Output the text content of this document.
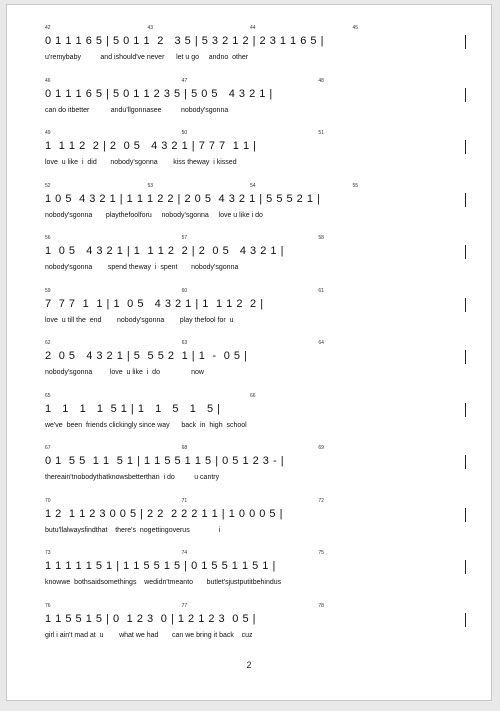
42	43	44	45
0 1 1 1 6 5 | 5 0 1 1  2   3 5 | 5 3 2 1 2 | 2 3 1 1 6 5 |
u'remybaby          and ishould've never      let u go     andno  other
46	47	48
0 1 1 1 6 5 | 5 0 1 1 2 3 5 | 5 0 5   4 3 2 1 |
can do itbetter           andu'llgonnasee          nobody'sgonna
49	50	51
1  1 1 2  2 | 2  0 5   4 3 2 1 | 7 7 7  1 1 |
love  u like  i  did       nobody'sgonna        kiss theway  i kissed
52	53	54	55
1 0 5  4 3 2 1 | 1 1 1 2 2 | 2 0 5  4 3 2 1 | 5 5 5 2 1 |
nobody'sgonna       playthefoolforu     nobody'sgonna     love u like i do
56	57	58
1  0 5   4 3 2 1 | 1  1 1 2  2 | 2  0 5   4 3 2 1 |
nobody'sgonna        spend theway  i  spent       nobody'sgonna
59	60	61
7  7 7  1  1 | 1  0 5   4 3 2 1 | 1  1 1 2  2 |
love  u till the  end        nobody'sgonna        play thefool for  u
62	63	64
2  0 5   4 3 2 1 | 5  5 5 2  1 | 1  -  0 5 |
nobody'sgonna         love  u like  i  do                now
65	66
1   1   1   1  5 1 | 1   1   5   1   5 |
we've  been  friends clickingly since way      back  in  high  school
67	68	69
0 1  5 5  1 1  5 1 | 1 1 5 5 1 1 5 | 0 5 1 2 3 - |
thereain'tnobodythatknowsbetterthan  i do          u cantry
70	71	72
1 2  1 1 2 3 0 0 5 | 2 2  2 2 2 1 1 | 1 0 0 0 5 |
butu'llalwaysfindthat    there's  nogettingoverus               i
73	74	75
1 1 1 1 1 5 1 | 1 1 5 5 1 5 | 0 1 5 5 1 1 5 1 |
knowwe  bothsaidsomethings    wedidn'tmeanto       butlet'sjustputitbehindus
76	77	78
1 1 5 5 1 5 | 0  1 2 3  0 | 1 2 1 2 3  0 5 |
girl i ain't mad at  u        what we had       can we bring it back    cuz
2
